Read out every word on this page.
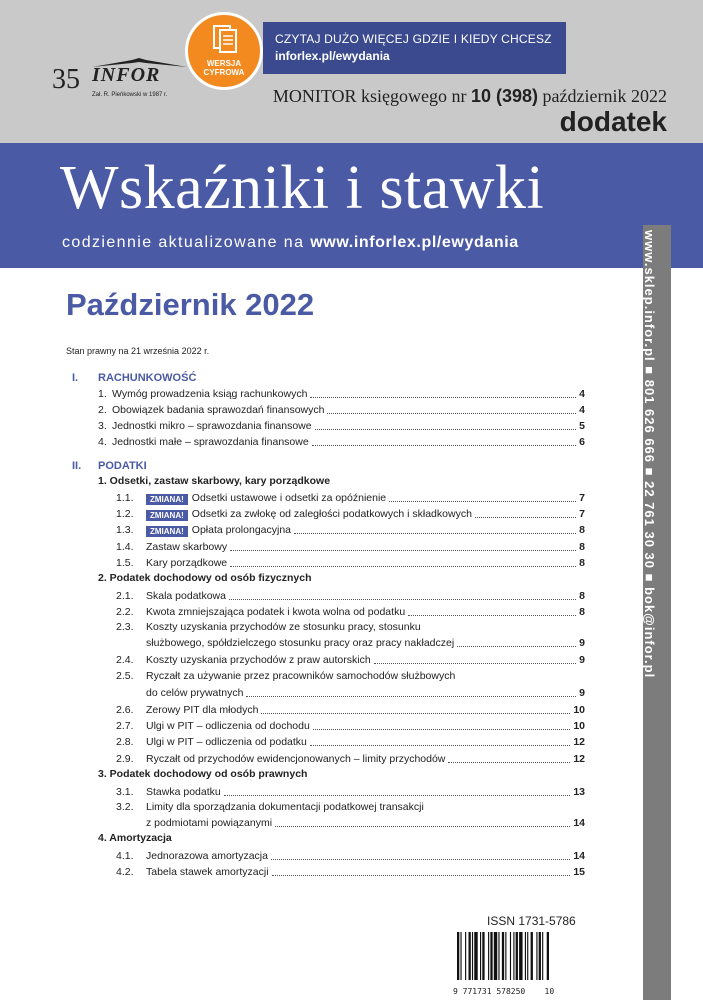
WERSJA
CYFROWA
CZYTAJ DUŻO WIĘCEJ GDZIE I KIEDY CHCESZ
inforlex.pl/ewydania
35 INFOR
Zał. R. Pieńkowski w 1987 r.	MONITOR księgowego nr 10 (398) październik 2022
dodatek
Wskaźniki i stawki
codziennie aktualizowane na www.inforlex.pl/ewydania	www.sklep.infor.pl ■ 801 626 666 ■ 22 761 30 30 ■ bok@infor.pl
Październik 2022
Stan prawny na 21 września 2022 r.
I. RACHUNKOWOŚĆ
1. Wymóg prowadzenia ksiąg rachunkowych	4
2. Obowiązek badania sprawozdań finansowych	4
3. Jednostki mikro – sprawozdania finansowe	5
4. Jednostki małe – sprawozdania finansowe	6
II. PODATKI
1. Odsetki, zastaw skarbowy, kary porządkowe
1.1.	ZMIANA! Odsetki ustawowe i odsetki za opóźnienie	7
1.2.	ZMIANA! Odsetki za zwłokę od zaległości podatkowych i składkowych	7
1.3.	ZMIANA! Opłata prolongacyjna	8
1.4.	Zastaw skarbowy	8
1.5.	Kary porządkowe	8
2. Podatek dochodowy od osób fizycznych
2.1.	Skala podatkowa	8
2.2.	Kwota zmniejszająca podatek i kwota wolna od podatku	8
2.3. Koszty uzyskania przychodów ze stosunku pracy, stosunku
służbowego, spółdzielczego stosunku pracy oraz pracy nakładczej	9
2.4.	Koszty uzyskania przychodów z praw autorskich	9
2.5. Ryczałt za używanie przez pracowników samochodów służbowych
do celów prywatnych	9
2.6.	Zerowy PIT dla młodych	10
2.7.	Ulgi w PIT – odliczenia od dochodu	10
2.8.	Ulgi w PIT – odliczenia od podatku	12
2.9.	Ryczałt od przychodów ewidencjonowanych – limity przychodów	12
3. Podatek dochodowy od osób prawnych
3.1.	Stawka podatku	13
3.2. Limity dla sporządzania dokumentacji podatkowej transakcji
z podmiotami powiązanymi	14
4. Amortyzacja
4.1.	Jednorazowa amortyzacja	14
4.2.	Tabela stawek amortyzacji	15
ISSN 1731-5786
9 771731 578250    10
